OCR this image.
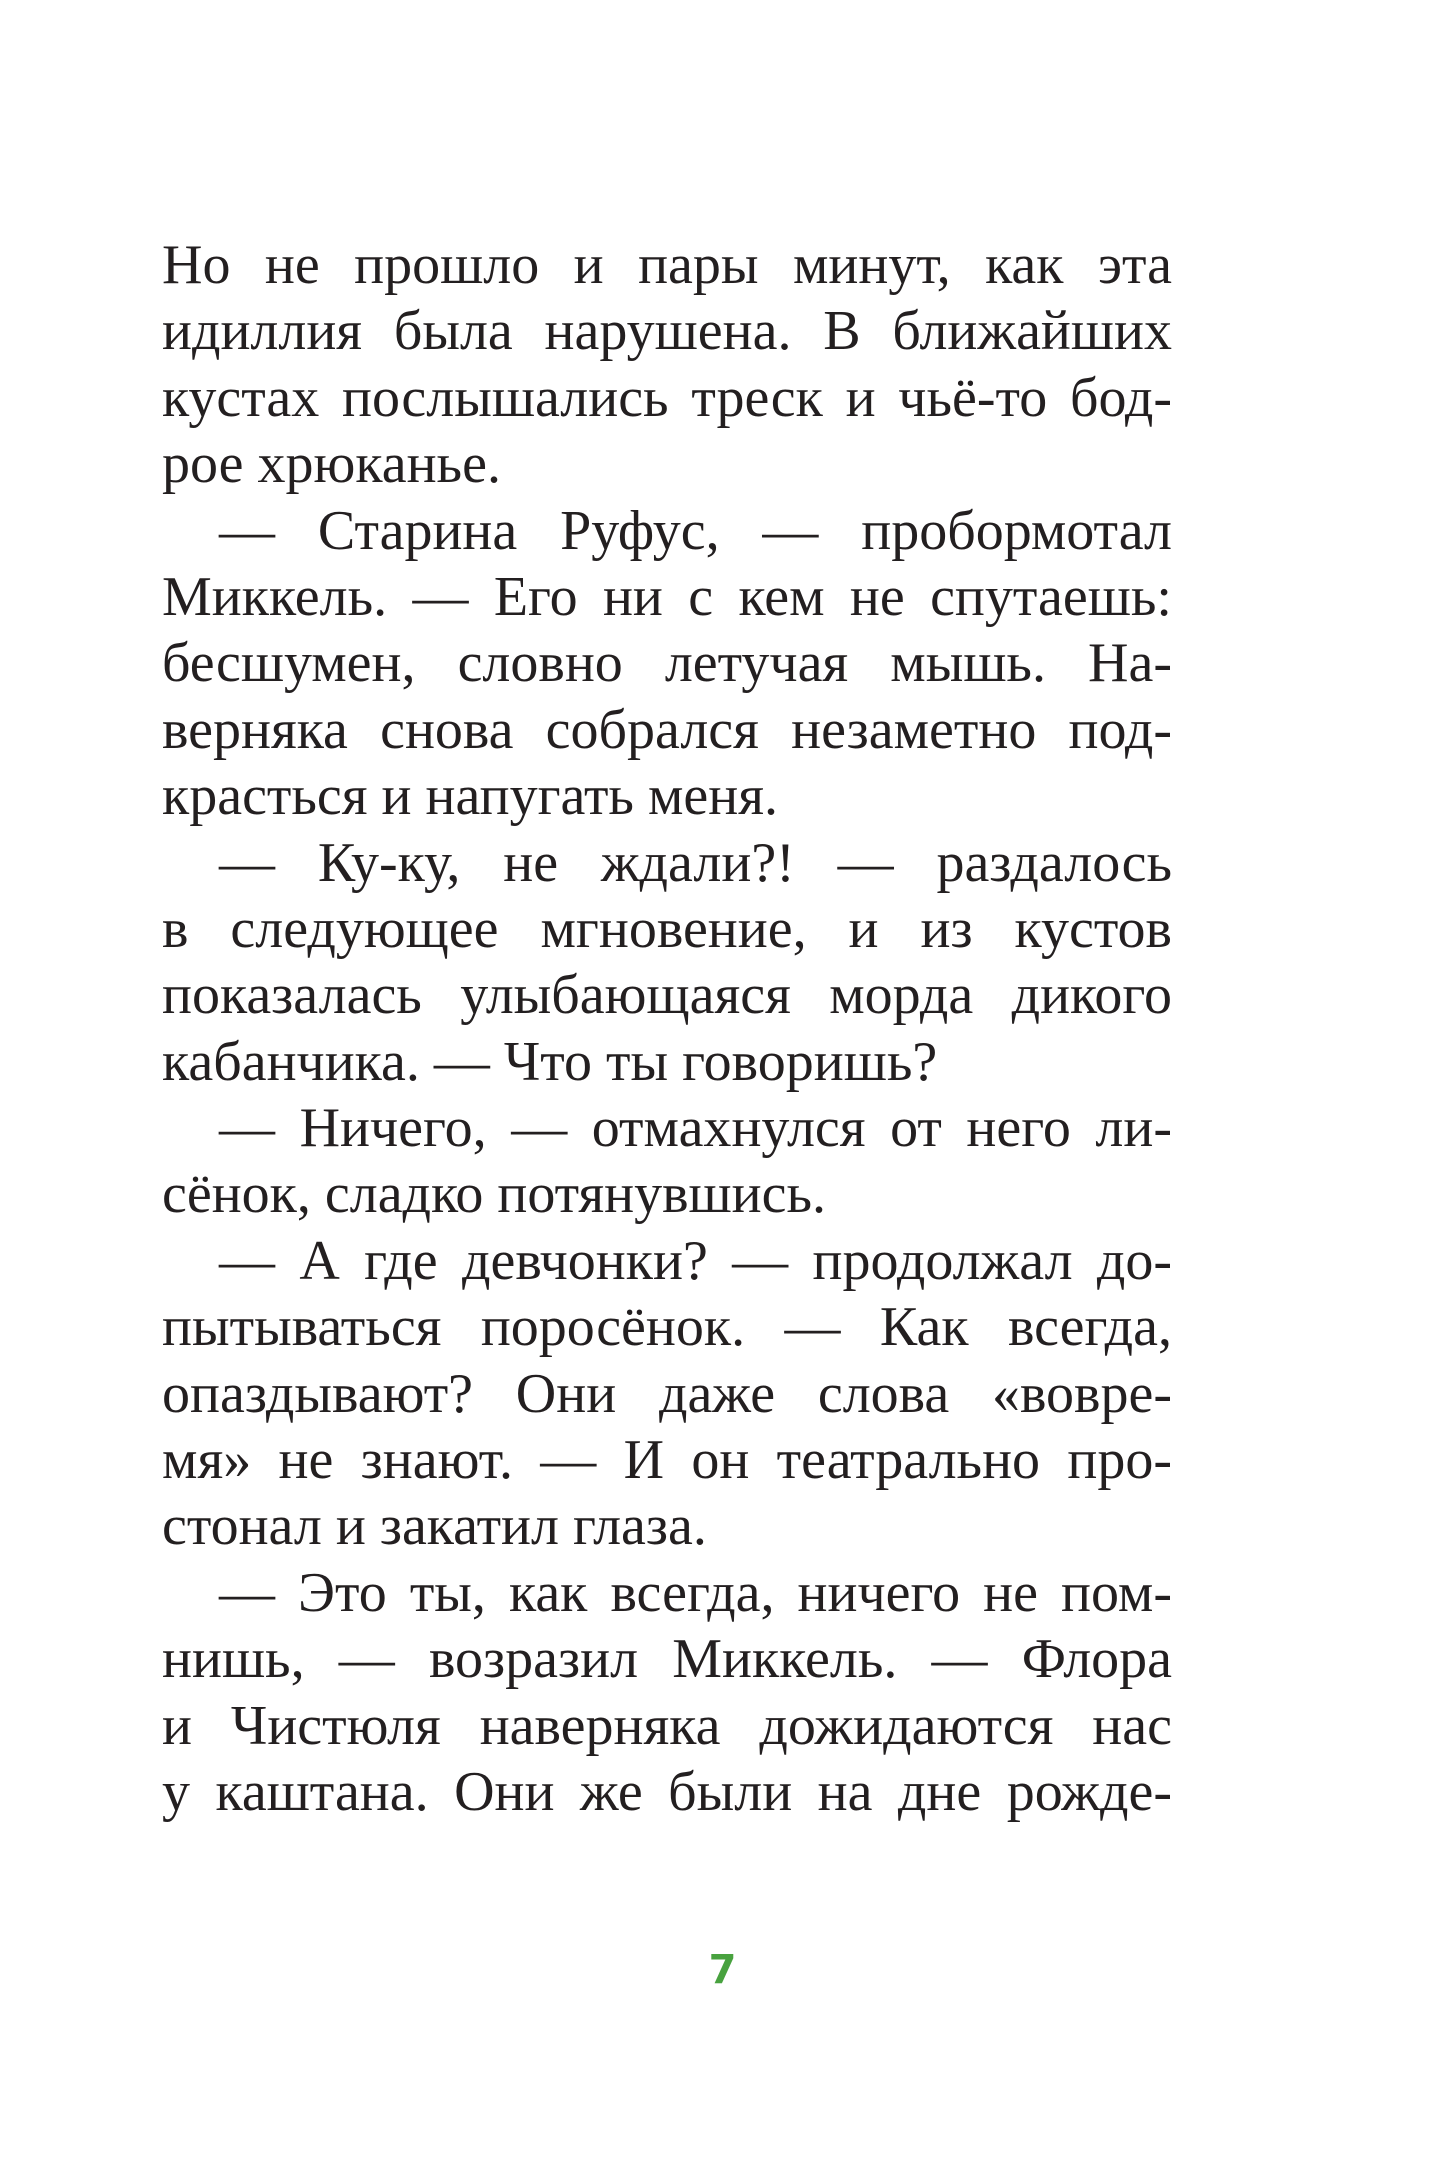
Но не прошло и пары минут, как эта
идиллия была нарушена. В ближайших
кустах послышались треск и чьё-то бод-
рое хрюканье.
— Старина Руфус, — пробормотал
Миккель. — Его ни с кем не спутаешь:
бесшумен, словно летучая мышь. На-
верняка снова собрался незаметно под-
красться и напугать меня.
— Ку-ку, не ждали?! — раздалось
в следующее мгновение, и из кустов
показалась улыбающаяся морда дикого
кабанчика. — Что ты говоришь?
— Ничего, — отмахнулся от него ли-
сёнок, сладко потянувшись.
— А где девчонки? — продолжал до-
пытываться поросёнок. — Как всегда,
опаздывают? Они даже слова «вовре-
мя» не знают. — И он театрально про-
стонал и закатил глаза.
— Это ты, как всегда, ничего не пом-
нишь, — возразил Миккель. — Флора
и Чистюля наверняка дожидаются нас
у каштана. Они же были на дне рожде-
7
